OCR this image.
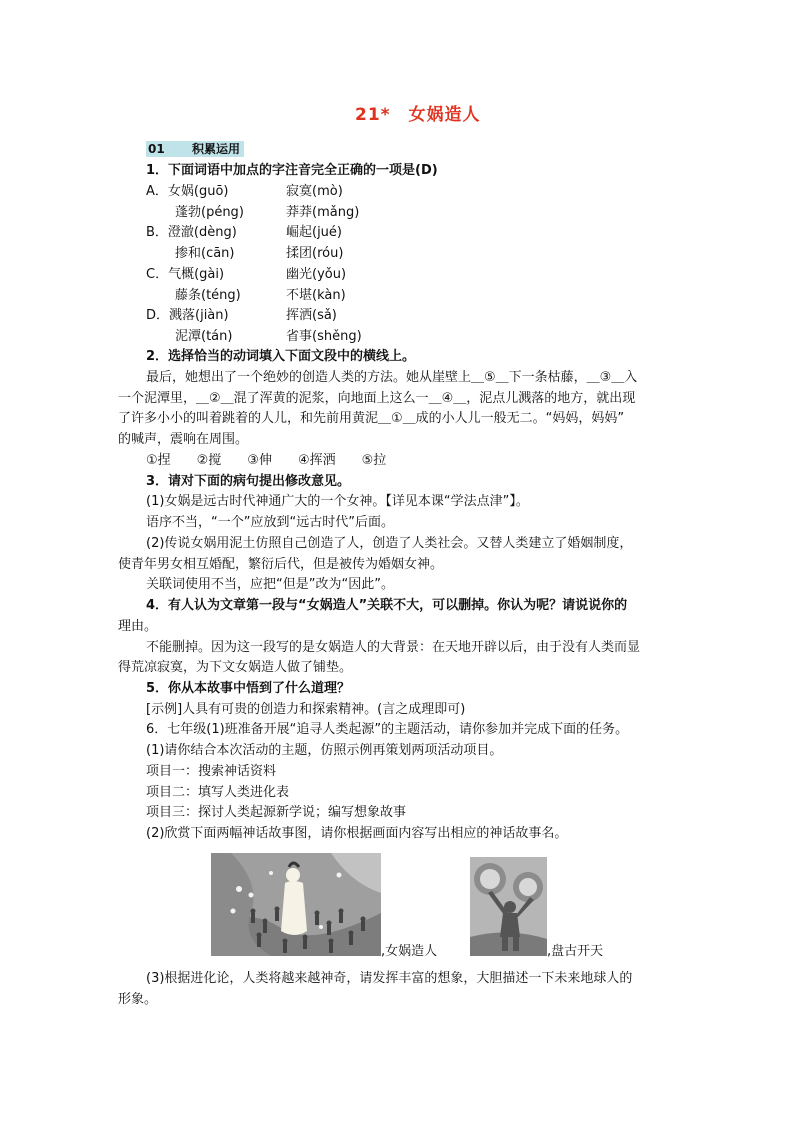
21*　女娲造人
01 积累运用
1．下面词语中加点的字注音完全正确的一项是(D)
A．女娲(guō)	寂寞(mò)
蓬勃(péng)	莽莽(mǎng)
B．澄澈(dèng)	崛起(jué)
掺和(cān)	揉团(róu)
C．气概(gài)	幽光(yǒu)
藤条(téng)	不堪(kàn)
D．溅落(jiàn)	挥洒(sǎ)
泥潭(tán)	省事(shěng)
2．选择恰当的动词填入下面文段中的横线上。
最后，她想出了一个绝妙的创造人类的方法。她从崖壁上＿⑤＿下一条枯藤，＿③＿入
一个泥潭里，＿②＿混了浑黄的泥浆，向地面上这么一＿④＿，泥点儿溅落的地方，就出现
了许多小小的叫着跳着的人儿，和先前用黄泥＿①＿成的小人儿一般无二。“妈妈，妈妈”
的喊声，震响在周围。
①捏　　②搅　　③伸　　④挥洒　　⑤拉
3．请对下面的病句提出修改意见。
(1)女娲是远古时代神通广大的一个女神。【详见本课“学法点津”】。
语序不当，“一个”应放到“远古时代”后面。
(2)传说女娲用泥土仿照自己创造了人，创造了人类社会。又替人类建立了婚姻制度，
使青年男女相互婚配，繁衍后代，但是被传为婚姻女神。
关联词使用不当，应把“但是”改为“因此”。
4．有人认为文章第一段与“女娲造人”关联不大，可以删掉。你认为呢？请说说你的
理由。
不能删掉。因为这一段写的是女娲造人的大背景：在天地开辟以后，由于没有人类而显
得荒凉寂寞，为下文女娲造人做了铺垫。
5．你从本故事中悟到了什么道理？
[示例]人具有可贵的创造力和探索精神。(言之成理即可)
6．七年级(1)班准备开展“追寻人类起源”的主题活动，请你参加并完成下面的任务。
(1)请你结合本次活动的主题，仿照示例再策划两项活动项目。
项目一：搜索神话资料
项目二：填写人类进化表
项目三：探讨人类起源新学说；编写想象故事
(2)欣赏下面两幅神话故事图，请你根据画面内容写出相应的神话故事名。
,女娲造人	,盘古开天
(3)根据进化论，人类将越来越神奇，请发挥丰富的想象，大胆描述一下未来地球人的
形象。
